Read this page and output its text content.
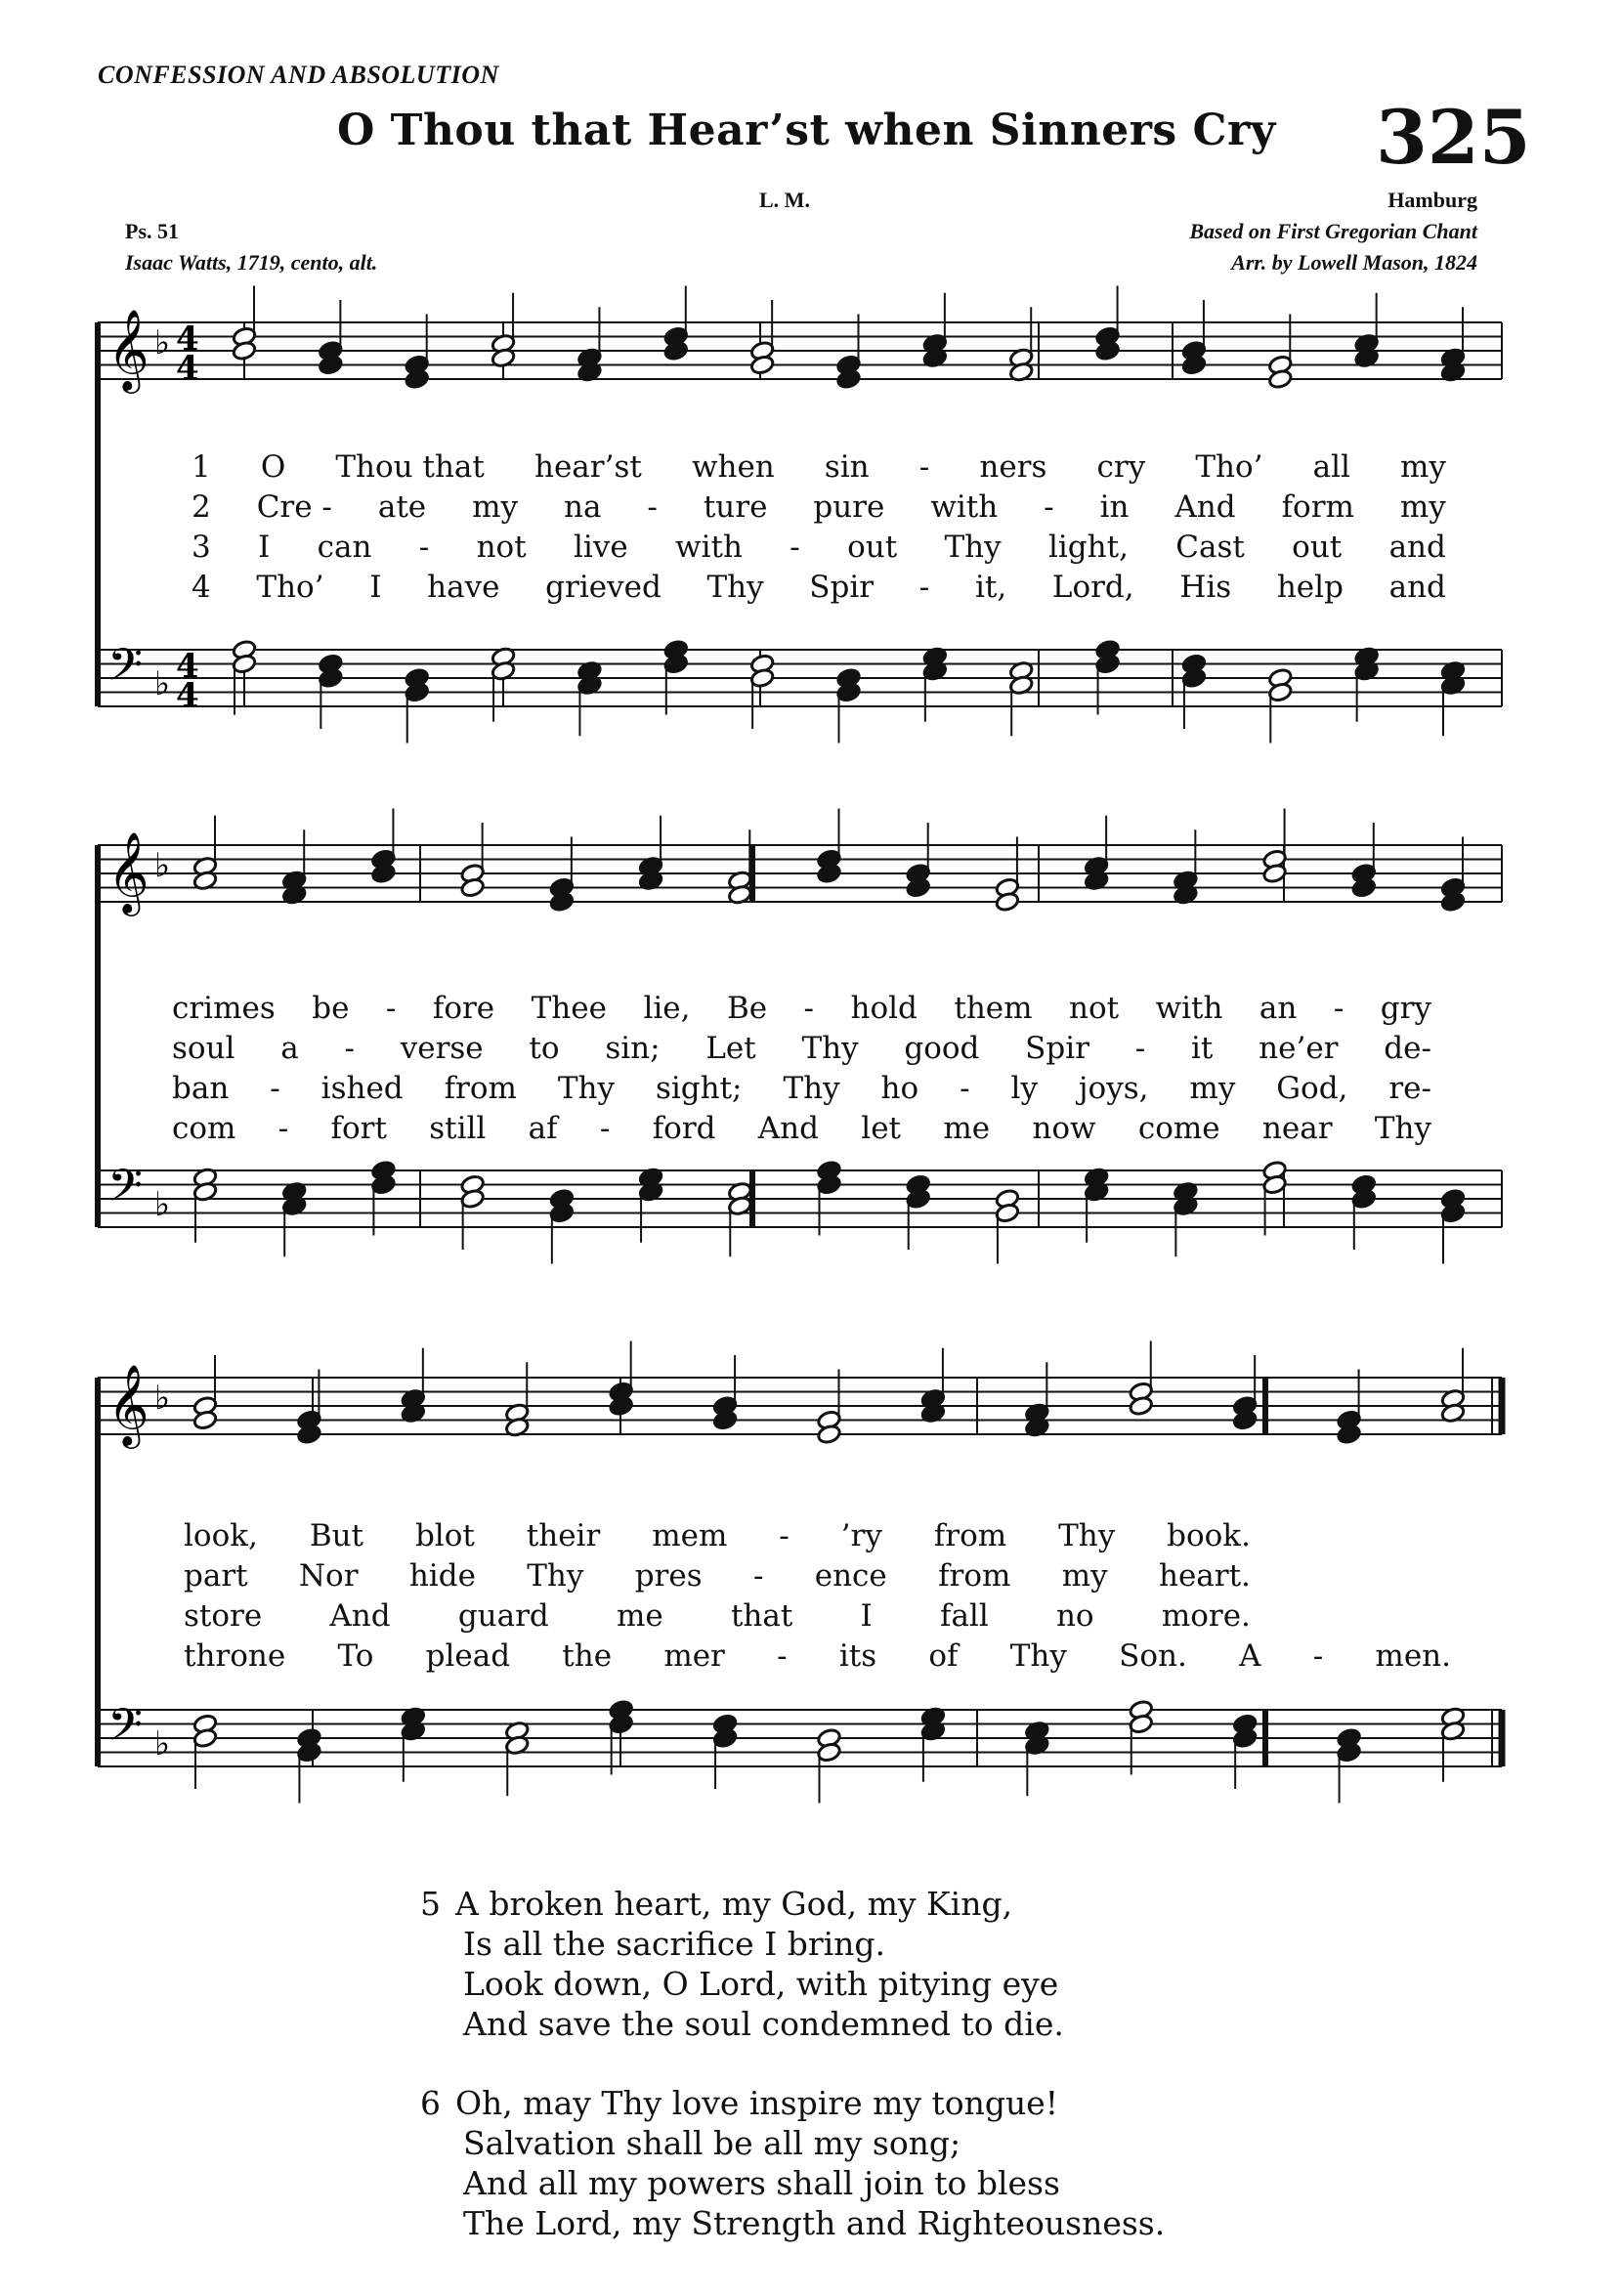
CONFESSION AND ABSOLUTION
O Thou that Hear’st when Sinners Cry 325
L. M.	Hamburg
Ps. 51
Isaac Watts, 1719, cento, alt.
Based on First Gregorian Chant
Arr. by Lowell Mason, 1824
𝄞 ♭ 4
4
𝄢 ♭ 4
4
𝄞 ♭
𝄢 ♭
𝄞 ♭
𝄢 ♭
1 O Thou that hear’st when sin - ners cry Tho’ all my
2 Cre - ate my na - ture pure with - in And form my
3 I can - not live with - out Thy light, Cast out and
4 Tho’ I have grieved Thy Spir - it, Lord, His help and
crimes be - fore Thee lie, Be - hold them not with an - gry
soul a - verse to sin; Let Thy good Spir - it ne’er de-
ban - ished from Thy sight; Thy ho - ly joys, my God, re-
com - fort still af - ford And let me now come near Thy
look, But blot their mem - ’ry from Thy book.
part Nor hide Thy pres - ence from my heart.
store And guard me that I fall no more.
throne To plead the mer - its of Thy Son. A - men.
5 A broken heart, my God, my King,
Is all the sacrifice I bring.
Look down, O Lord, with pitying eye
And save the soul condemned to die.
6 Oh, may Thy love inspire my tongue!
Salvation shall be all my song;
And all my powers shall join to bless
The Lord, my Strength and Righteousness.
